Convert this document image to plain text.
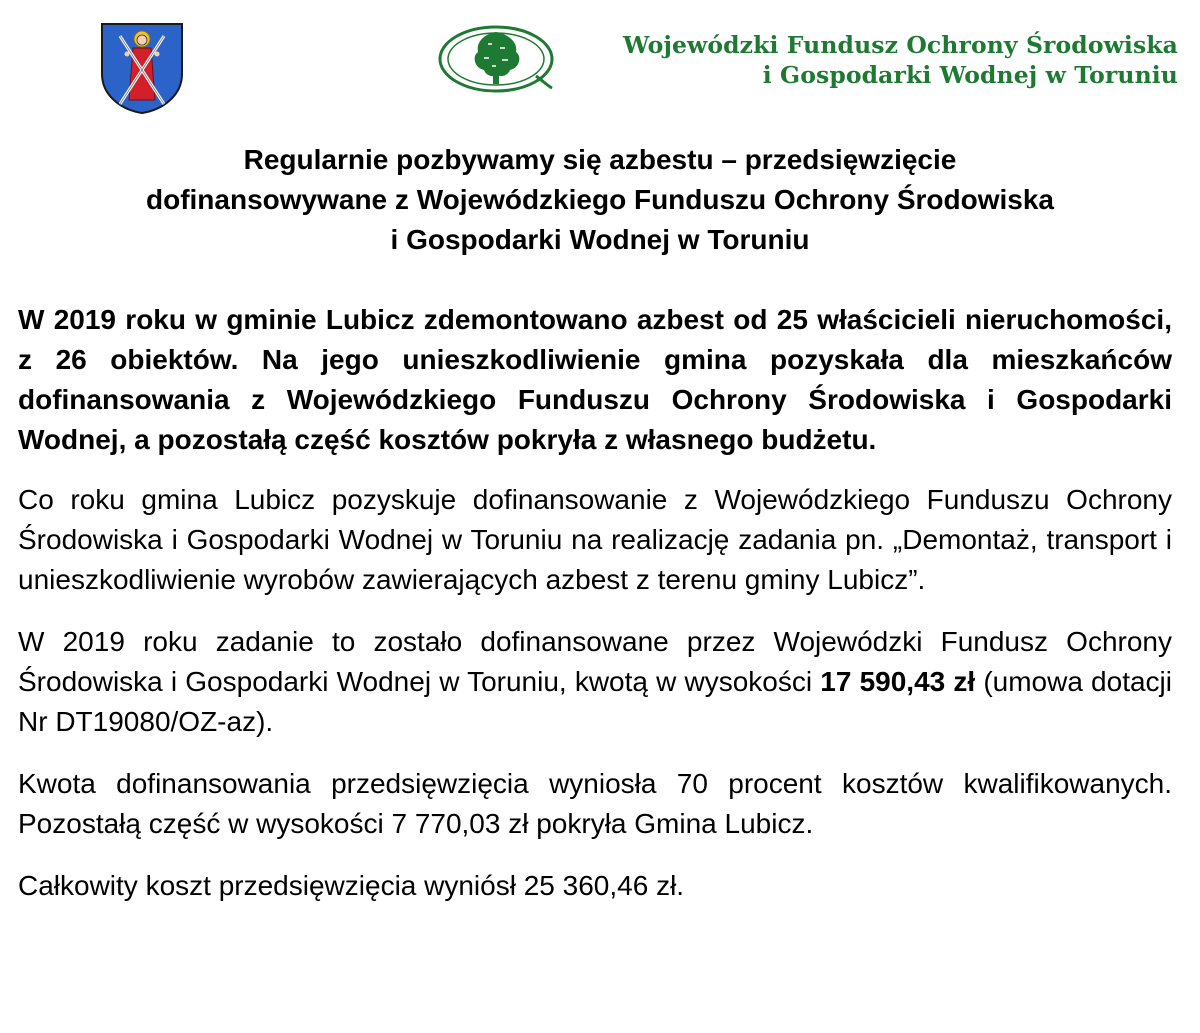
Wojewódzki Fundusz Ochrony Środowiska
i Gospodarki Wodnej w Toruniu
Regularnie pozbywamy się azbestu – przedsięwzięcie
dofinansowywane z Wojewódzkiego Funduszu Ochrony Środowiska
i Gospodarki Wodnej w Toruniu

W 2019 roku w gminie Lubicz zdemontowano azbest od 25 właścicieli nieruchomości, z 26 obiektów. Na jego unieszkodliwienie gmina pozyskała dla mieszkańców dofinansowania z Wojewódzkiego Funduszu Ochrony Środowiska i Gospodarki Wodnej, a pozostałą część kosztów pokryła z własnego budżetu.

Co roku gmina Lubicz pozyskuje dofinansowanie z Wojewódzkiego Funduszu Ochrony Środowiska i Gospodarki Wodnej w Toruniu na realizację zadania pn. „Demontaż, transport i unieszkodliwienie wyrobów zawierających azbest z terenu gminy Lubicz”.

W 2019 roku zadanie to zostało dofinansowane przez Wojewódzki Fundusz Ochrony Środowiska i Gospodarki Wodnej w Toruniu, kwotą w wysokości 17 590,43 zł (umowa dotacji Nr DT19080/OZ-az).

Kwota dofinansowania przedsięwzięcia wyniosła 70 procent kosztów kwalifikowanych. Pozostałą część w wysokości 7 770,03 zł pokryła Gmina Lubicz.

Całkowity koszt przedsięwzięcia wyniósł 25 360,46 zł.
